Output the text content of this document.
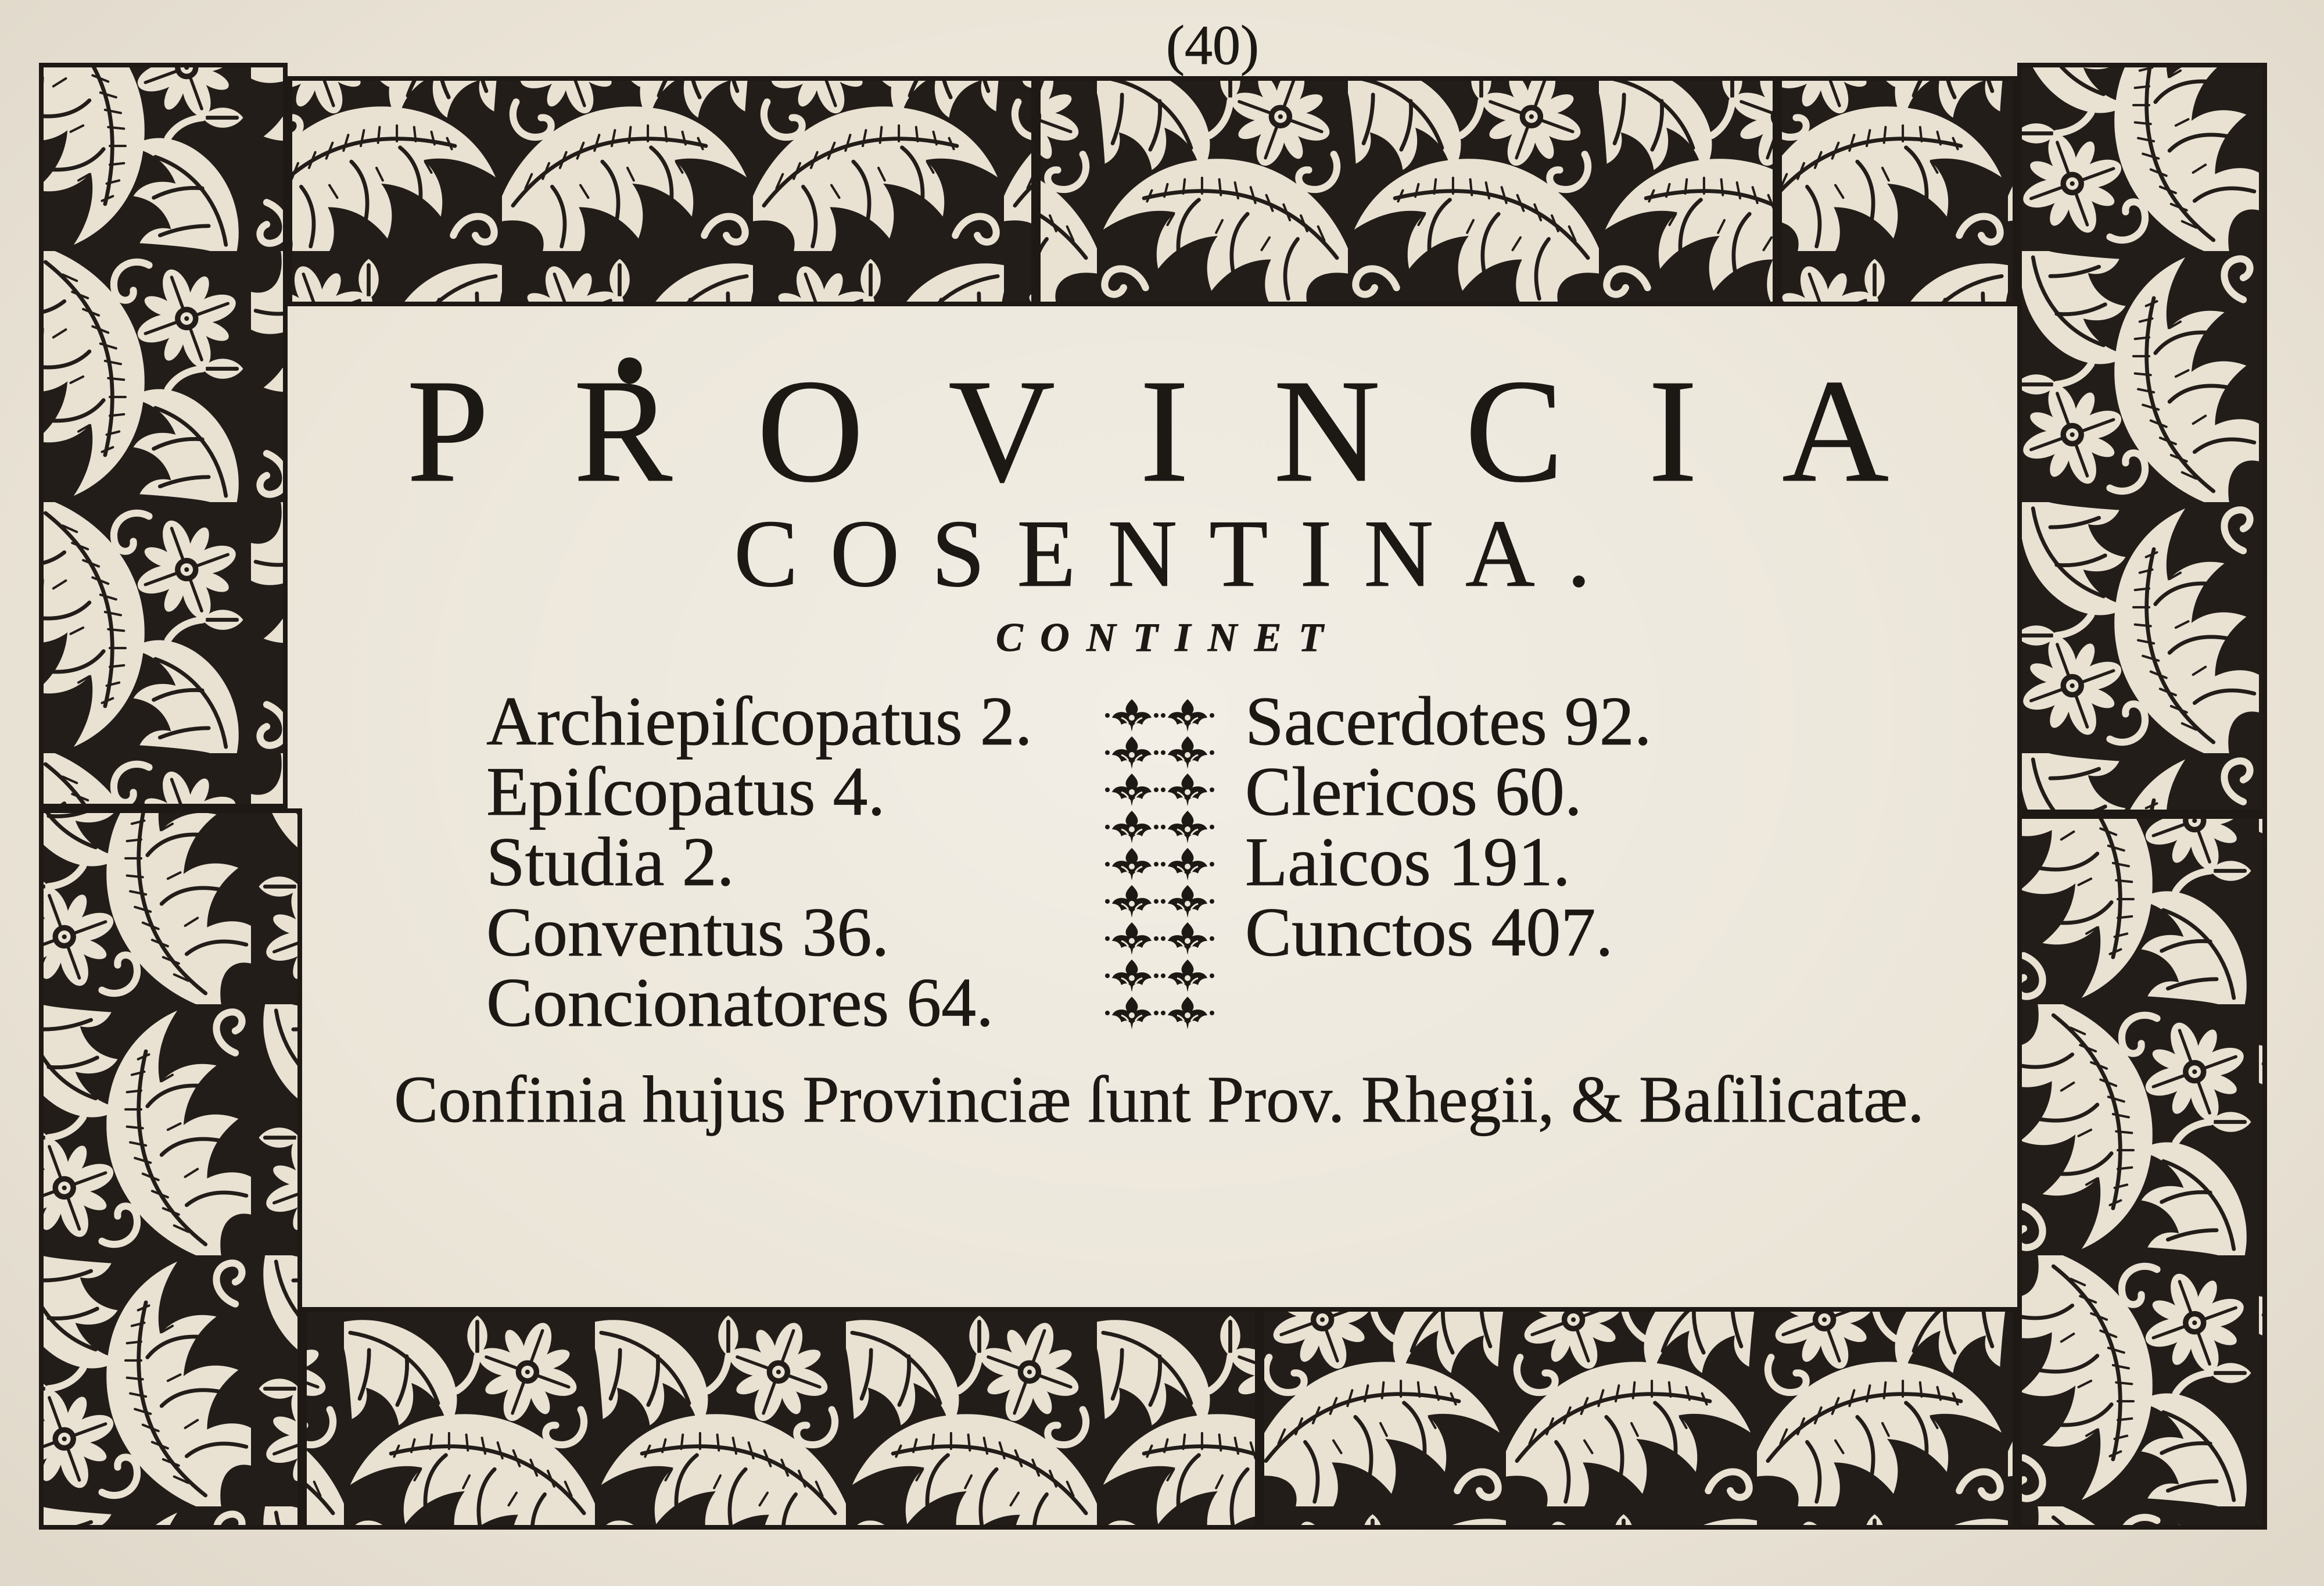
(40)
PROVINCIA
COSENTINA.
CONTINET
Archiepiſcopatus 2.
Epiſcopatus 4.
Studia 2.
Conventus 36.
Concionatores 64.
Sacerdotes 92.
Clericos 60.
Laicos 191.
Cunctos 407.
Confinia hujus Provinciæ ſunt Prov. Rhegii, & Baſilicatæ.
